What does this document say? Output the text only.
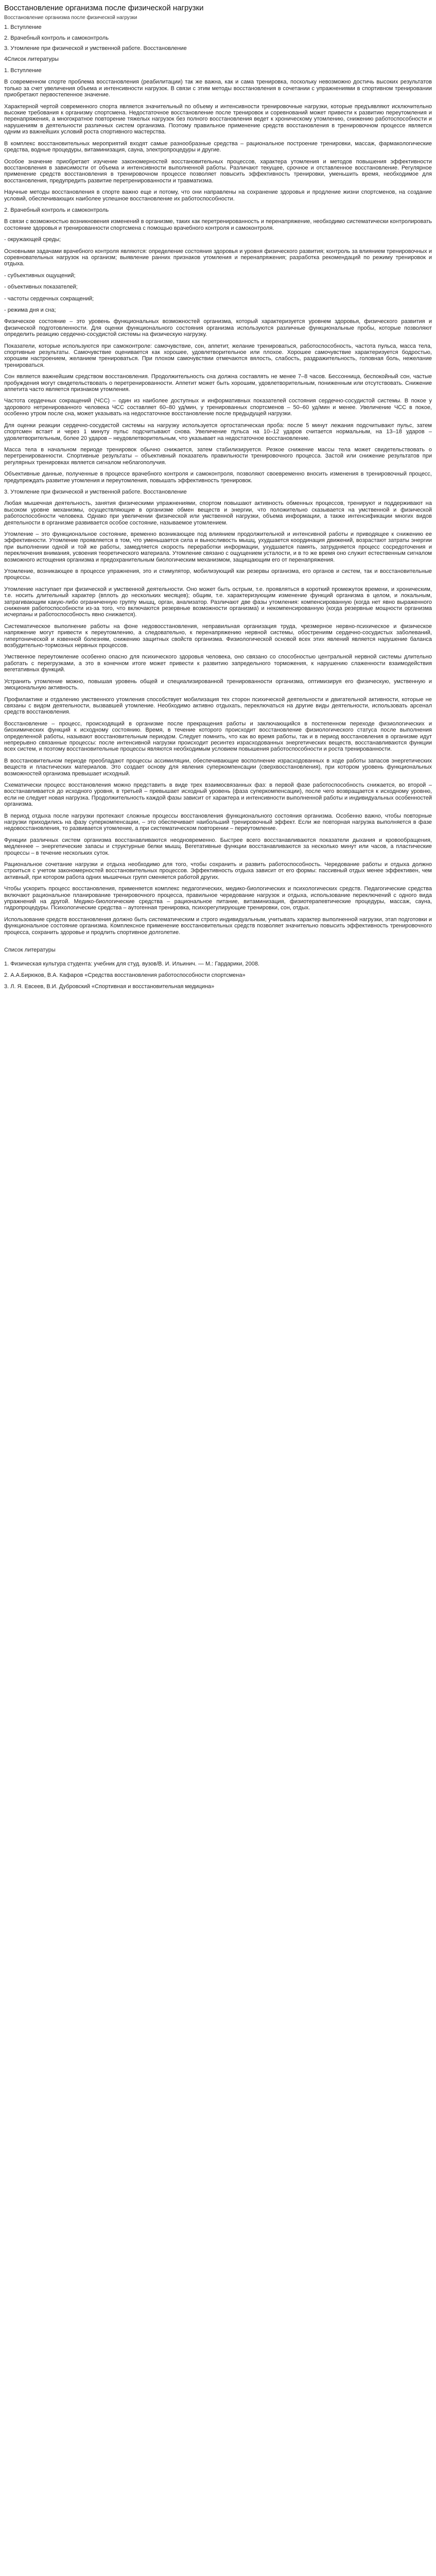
Восстановление организма после физической нагрузки
Восстановление организма после физической нагрузки
1. Вступление
2. Врачебный контроль и самоконтроль
3. Утомление при физической и умственной работе. Восстановление
4Список литературы
1. Вступление

В современном спорте проблема восстановления (реабилитации) так же важна, как и сама тренировка, поскольку невозможно достичь высоких результатов только за счет увеличения объема и интенсивности нагрузок. В связи с этим методы восстановления в сочетании с упражнениями в спортивном тренировании приобретают первостепенное значение.

Характерной чертой современного спорта является значительный по объему и интенсивности тренировочные нагрузки, которые предъявляют исключительно высокие требования к организму спортсмена. Недостаточное восстановление после тренировок и соревнований может привести к развитию переутомления и перенапряжения, а многократное повторение тяжелых нагрузок без полного восстановления ведет к хроническому утомлению, снижению работоспособности и нарушениям в деятельности различных систем организма. Поэтому правильное применение средств восстановления в тренировочном процессе является одним из важнейших условий роста спортивного мастерства.

В комплекс восстановительных мероприятий входят самые разнообразные средства – рациональное построение тренировки, массаж, фармакологические средства, водные процедуры, витаминизация, сауна, электропроцедуры и другие.

Особое значение приобретает изучение закономерностей восстановительных процессов, характера утомления и методов повышения эффективности восстановления в зависимости от объема и интенсивности выполненной работы. Различают текущее, срочное и отставленное восстановление. Регулярное применение средств восстановления в тренировочном процессе позволяет повысить эффективность тренировки, уменьшить время, необходимое для восстановления, предупредить развитие перетренированности и травматизма.

Научные методы восстановления в спорте важно еще и потому, что они направлены на сохранение здоровья и продление жизни спортсменов, на создание условий, обеспечивающих наиболее успешное восстановление их работоспособности.

2. Врачебный контроль и самоконтроль

В связи с возможностью возникновения изменений в организме, таких как перетренированность и перенапряжение, необходимо систематически контролировать состояние здоровья и тренированности спортсмена с помощью врачебного контроля и самоконтроля.

- окружающей среды;

Основными задачами врачебного контроля являются: определение состояния здоровья и уровня физического развития; контроль за влиянием тренировочных и соревновательных нагрузок на организм; выявление ранних признаков утомления и перенапряжения; разработка рекомендаций по режиму тренировок и отдыха.

- субъективных ощущений;

- объективных показателей;

- частоты сердечных сокращений;

- режима дня и сна;

Физическое состояние – это уровень функциональных возможностей организма, который характеризуется уровнем здоровья, физического развития и физической подготовленности. Для оценки функционального состояния организма используются различные функциональные пробы, которые позволяют определить реакцию сердечно-сосудистой системы на физическую нагрузку.

Показатели, которые используются при самоконтроле: самочувствие, сон, аппетит, желание тренироваться, работоспособность, частота пульса, масса тела, спортивные результаты. Самочувствие оценивается как хорошее, удовлетворительное или плохое. Хорошее самочувствие характеризуется бодростью, хорошим настроением, желанием тренироваться. При плохом самочувствии отмечаются вялость, слабость, раздражительность, головная боль, нежелание тренироваться.

Сон является важнейшим средством восстановления. Продолжительность сна должна составлять не менее 7–8 часов. Бессонница, беспокойный сон, частые пробуждения могут свидетельствовать о перетренированности. Аппетит может быть хорошим, удовлетворительным, пониженным или отсутствовать. Снижение аппетита часто является признаком утомления.

Частота сердечных сокращений (ЧСС) – один из наиболее доступных и информативных показателей состояния сердечно-сосудистой системы. В покое у здорового нетренированного человека ЧСС составляет 60–80 уд/мин, у тренированных спортсменов – 50–60 уд/мин и менее. Увеличение ЧСС в покое, особенно утром после сна, может указывать на недостаточное восстановление после предыдущей нагрузки.

Для оценки реакции сердечно-сосудистой системы на нагрузку используется ортостатическая проба: после 5 минут лежания подсчитывают пульс, затем спортсмен встает и через 1 минуту пульс подсчитывают снова. Увеличение пульса на 10–12 ударов считается нормальным, на 13–18 ударов – удовлетворительным, более 20 ударов – неудовлетворительным, что указывает на недостаточное восстановление.

Масса тела в начальном периоде тренировок обычно снижается, затем стабилизируется. Резкое снижение массы тела может свидетельствовать о перетренированности. Спортивные результаты – объективный показатель правильности тренировочного процесса. Застой или снижение результатов при регулярных тренировках является сигналом неблагополучия.

Объективные данные, полученные в процессе врачебного контроля и самоконтроля, позволяют своевременно вносить изменения в тренировочный процесс, предупреждать развитие утомления и переутомления, повышать эффективность тренировок.

3. Утомление при физической и умственной работе. Восстановление

Любая мышечная деятельность, занятия физическими упражнениями, спортом повышают активность обменных процессов, тренируют и поддерживают на высоком уровне механизмы, осуществляющие в организме обмен веществ и энергии, что положительно сказывается на умственной и физической работоспособности человека. Однако при увеличении физической или умственной нагрузки, объема информации, а также интенсификации многих видов деятельности в организме развивается особое состояние, называемое утомлением.

Утомление – это функциональное состояние, временно возникающее под влиянием продолжительной и интенсивной работы и приводящее к снижению ее эффективности. Утомление проявляется в том, что уменьшается сила и выносливость мышц, ухудшается координация движений, возрастают затраты энергии при выполнении одной и той же работы, замедляется скорость переработки информации, ухудшается память, затрудняется процесс сосредоточения и переключения внимания, усвоения теоретического материала. Утомление связано с ощущением усталости, и в то же время оно служит естественным сигналом возможного истощения организма и предохранительным биологическим механизмом, защищающим его от перенапряжения.

Утомление, возникающее в процессе упражнения, это и стимулятор, мобилизующий как резервы организма, его органов и систем, так и восстановительные процессы.

Утомление наступает при физической и умственной деятельности. Оно может быть острым, т.е. проявляться в короткий промежуток времени, и хроническим, т.е. носить длительный характер (вплоть до нескольких месяцев); общим, т.е. характеризующим изменение функций организма в целом, и локальным, затрагивающим какую-либо ограниченную группу мышц, орган, анализатор. Различают две фазы утомления: компенсированную (когда нет явно выраженного снижения работоспособности из-за того, что включаются резервные возможности организма) и некомпенсированную (когда резервные мощности организма исчерпаны и работоспособность явно снижается).

Систематическое выполнение работы на фоне недовосстановления, неправильная организация труда, чрезмерное нервно-психическое и физическое напряжение могут привести к переутомлению, а следовательно, к перенапряжению нервной системы, обострениям сердечно-сосудистых заболеваний, гипертонической и язвенной болезням, снижению защитных свойств организма. Физиологической основой всех этих явлений является нарушение баланса возбудительно-тормозных нервных процессов.

Умственное переутомление особенно опасно для психического здоровья человека, оно связано со способностью центральной нервной системы длительно работать с перегрузками, а это в конечном итоге может привести к развитию запредельного торможения, к нарушению слаженности взаимодействия вегетативных функций.

Устранить утомление можно, повышая уровень общей и специализированной тренированности организма, оптимизируя его физическую, умственную и эмоциональную активность.

Профилактике и отдалению умственного утомления способствует мобилизация тех сторон психической деятельности и двигательной активности, которые не связаны с видом деятельности, вызвавшей утомление. Необходимо активно отдыхать, переключаться на другие виды деятельности, использовать арсенал средств восстановления.

Восстановление – процесс, происходящий в организме после прекращения работы и заключающийся в постепенном переходе физиологических и биохимических функций к исходному состоянию. Время, в течение которого происходит восстановление физиологического статуса после выполнения определенной работы, называют восстановительным периодом. Следует помнить, что как во время работы, так и в период восстановления в организме идут непрерывно связанные процессы: после интенсивной нагрузки происходит ресинтез израсходованных энергетических веществ, восстанавливаются функции всех систем, и поэтому восстановительные процессы являются необходимым условием повышения работоспособности и роста тренированности.

В восстановительном периоде преобладают процессы ассимиляции, обеспечивающие восполнение израсходованных в ходе работы запасов энергетических веществ и пластических материалов. Это создает основу для явления суперкомпенсации (сверхвосстановления), при котором уровень функциональных возможностей организма превышает исходный.

Схематически процесс восстановления можно представить в виде трех взаимосвязанных фаз: в первой фазе работоспособность снижается, во второй – восстанавливается до исходного уровня, в третьей – превышает исходный уровень (фаза суперкомпенсации), после чего возвращается к исходному уровню, если не следует новая нагрузка. Продолжительность каждой фазы зависит от характера и интенсивности выполненной работы и индивидуальных особенностей организма.

В период отдыха после нагрузки протекают сложные процессы восстановления функционального состояния организма. Особенно важно, чтобы повторные нагрузки приходились на фазу суперкомпенсации, – это обеспечивает наибольший тренировочный эффект. Если же повторная нагрузка выполняется в фазе недовосстановления, то развивается утомление, а при систематическом повторении – переутомление.

Функции различных систем организма восстанавливаются неодновременно. Быстрее всего восстанавливаются показатели дыхания и кровообращения, медленнее – энергетические запасы и структурные белки мышц. Вегетативные функции восстанавливаются за несколько минут или часов, а пластические процессы – в течение нескольких суток.

Рациональное сочетание нагрузки и отдыха необходимо для того, чтобы сохранить и развить работоспособность. Чередование работы и отдыха должно строиться с учетом закономерностей восстановительных процессов. Эффективность отдыха зависит от его формы: пассивный отдых менее эффективен, чем активный, при котором работа одних мышечных групп сменяется работой других.

Чтобы ускорить процесс восстановления, применяется комплекс педагогических, медико-биологических и психологических средств. Педагогические средства включают рациональное планирование тренировочного процесса, правильное чередование нагрузок и отдыха, использование переключений с одного вида упражнений на другой. Медико-биологические средства – рациональное питание, витаминизация, физиотерапевтические процедуры, массаж, сауна, гидропроцедуры. Психологические средства – аутогенная тренировка, психорегулирующие тренировки, сон, отдых.

Использование средств восстановления должно быть систематическим и строго индивидуальным, учитывать характер выполненной нагрузки, этап подготовки и функциональное состояние организма. Комплексное применение восстановительных средств позволяет значительно повысить эффективность тренировочного процесса, сохранить здоровье и продлить спортивное долголетие.

Список литературы

1. Физическая культура студента: учебник для студ. вузов/В. И. Ильинич. — М.: Гардарики, 2008.

2. А.А.Бирюков, В.А. Кафаров «Средства восстановления работоспособности спортсмена»

3. Л. Я. Евсеев, В.И. Дубровский «Спортивная и восстановительная медицина»
